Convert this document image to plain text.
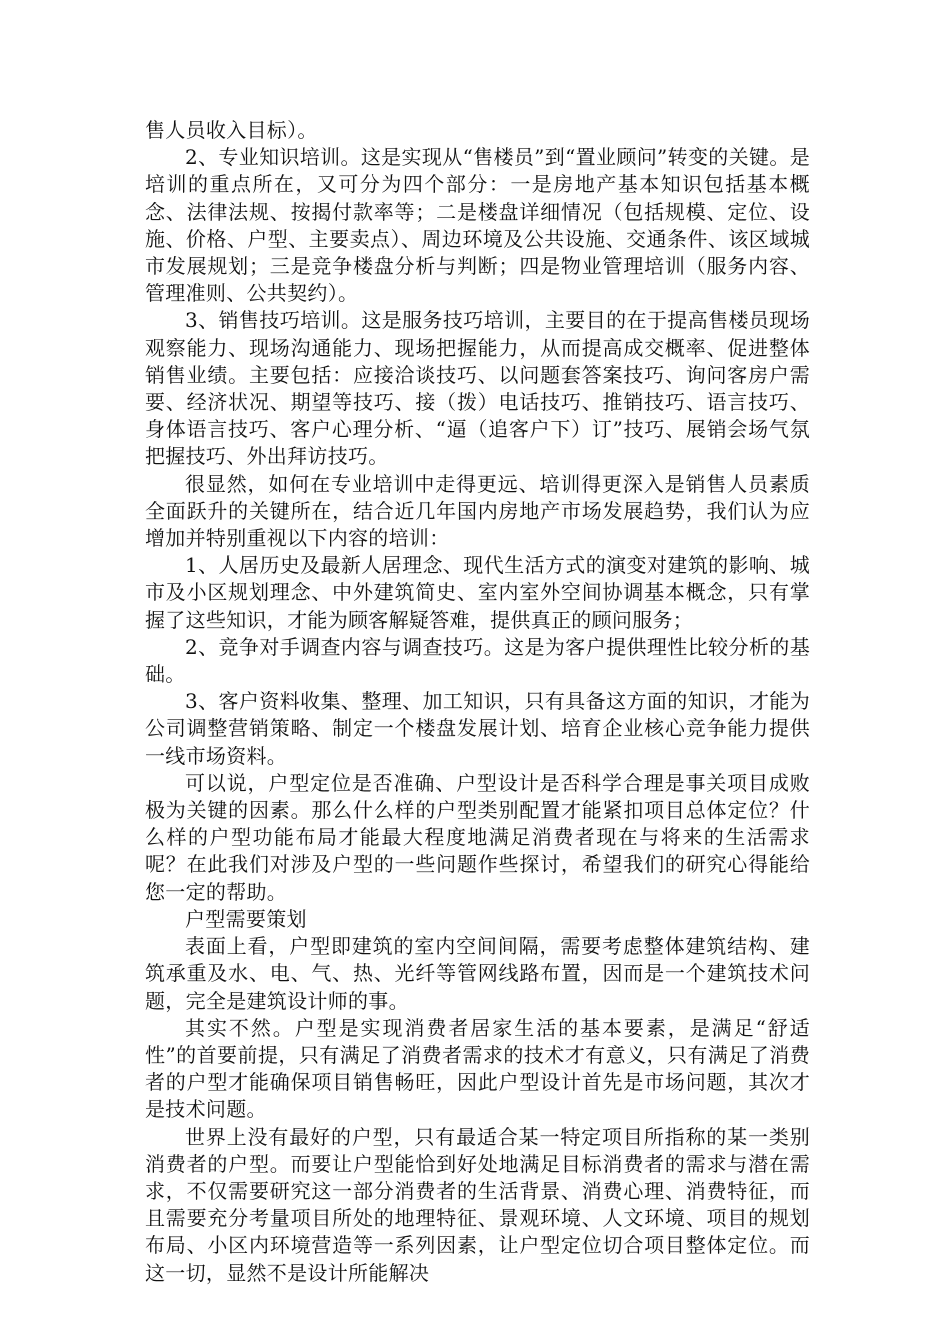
售人员收入目标）。

2、专业知识培训。这是实现从“售楼员”到“置业顾问”转变的关键。是培训的重点所在，又可分为四个部分：一是房地产基本知识包括基本概念、法律法规、按揭付款率等；二是楼盘详细情况（包括规模、定位、设施、价格、户型、主要卖点）、周边环境及公共设施、交通条件、该区域城市发展规划；三是竞争楼盘分析与判断；四是物业管理培训（服务内容、管理准则、公共契约）。

3、销售技巧培训。这是服务技巧培训，主要目的在于提高售楼员现场观察能力、现场沟通能力、现场把握能力，从而提高成交概率、促进整体销售业绩。主要包括：应接洽谈技巧、以问题套答案技巧、询问客房户需要、经济状况、期望等技巧、接（拨）电话技巧、推销技巧、语言技巧、身体语言技巧、客户心理分析、“逼（追客户下）订”技巧、展销会场气氛把握技巧、外出拜访技巧。

很显然，如何在专业培训中走得更远、培训得更深入是销售人员素质全面跃升的关键所在，结合近几年国内房地产市场发展趋势，我们认为应增加并特别重视以下内容的培训：

1、人居历史及最新人居理念、现代生活方式的演变对建筑的影响、城市及小区规划理念、中外建筑简史、室内室外空间协调基本概念，只有掌握了这些知识，才能为顾客解疑答难，提供真正的顾问服务；

2、竞争对手调查内容与调查技巧。这是为客户提供理性比较分析的基础。

3、客户资料收集、整理、加工知识，只有具备这方面的知识，才能为公司调整营销策略、制定一个楼盘发展计划、培育企业核心竞争能力提供一线市场资料。

可以说，户型定位是否准确、户型设计是否科学合理是事关项目成败极为关键的因素。那么什么样的户型类别配置才能紧扣项目总体定位？什么样的户型功能布局才能最大程度地满足消费者现在与将来的生活需求呢？在此我们对涉及户型的一些问题作些探讨，希望我们的研究心得能给您一定的帮助。

户型需要策划

表面上看，户型即建筑的室内空间间隔，需要考虑整体建筑结构、建筑承重及水、电、气、热、光纤等管网线路布置，因而是一个建筑技术问题，完全是建筑设计师的事。

其实不然。户型是实现消费者居家生活的基本要素，是满足“舒适性”的首要前提，只有满足了消费者需求的技术才有意义，只有满足了消费者的户型才能确保项目销售畅旺，因此户型设计首先是市场问题，其次才是技术问题。

世界上没有最好的户型，只有最适合某一特定项目所指称的某一类别消费者的户型。而要让户型能恰到好处地满足目标消费者的需求与潜在需求，不仅需要研究这一部分消费者的生活背景、消费心理、消费特征，而且需要充分考量项目所处的地理特征、景观环境、人文环境、项目的规划布局、小区内环境营造等一系列因素，让户型定位切合项目整体定位。而这一切，显然不是设计所能解决
